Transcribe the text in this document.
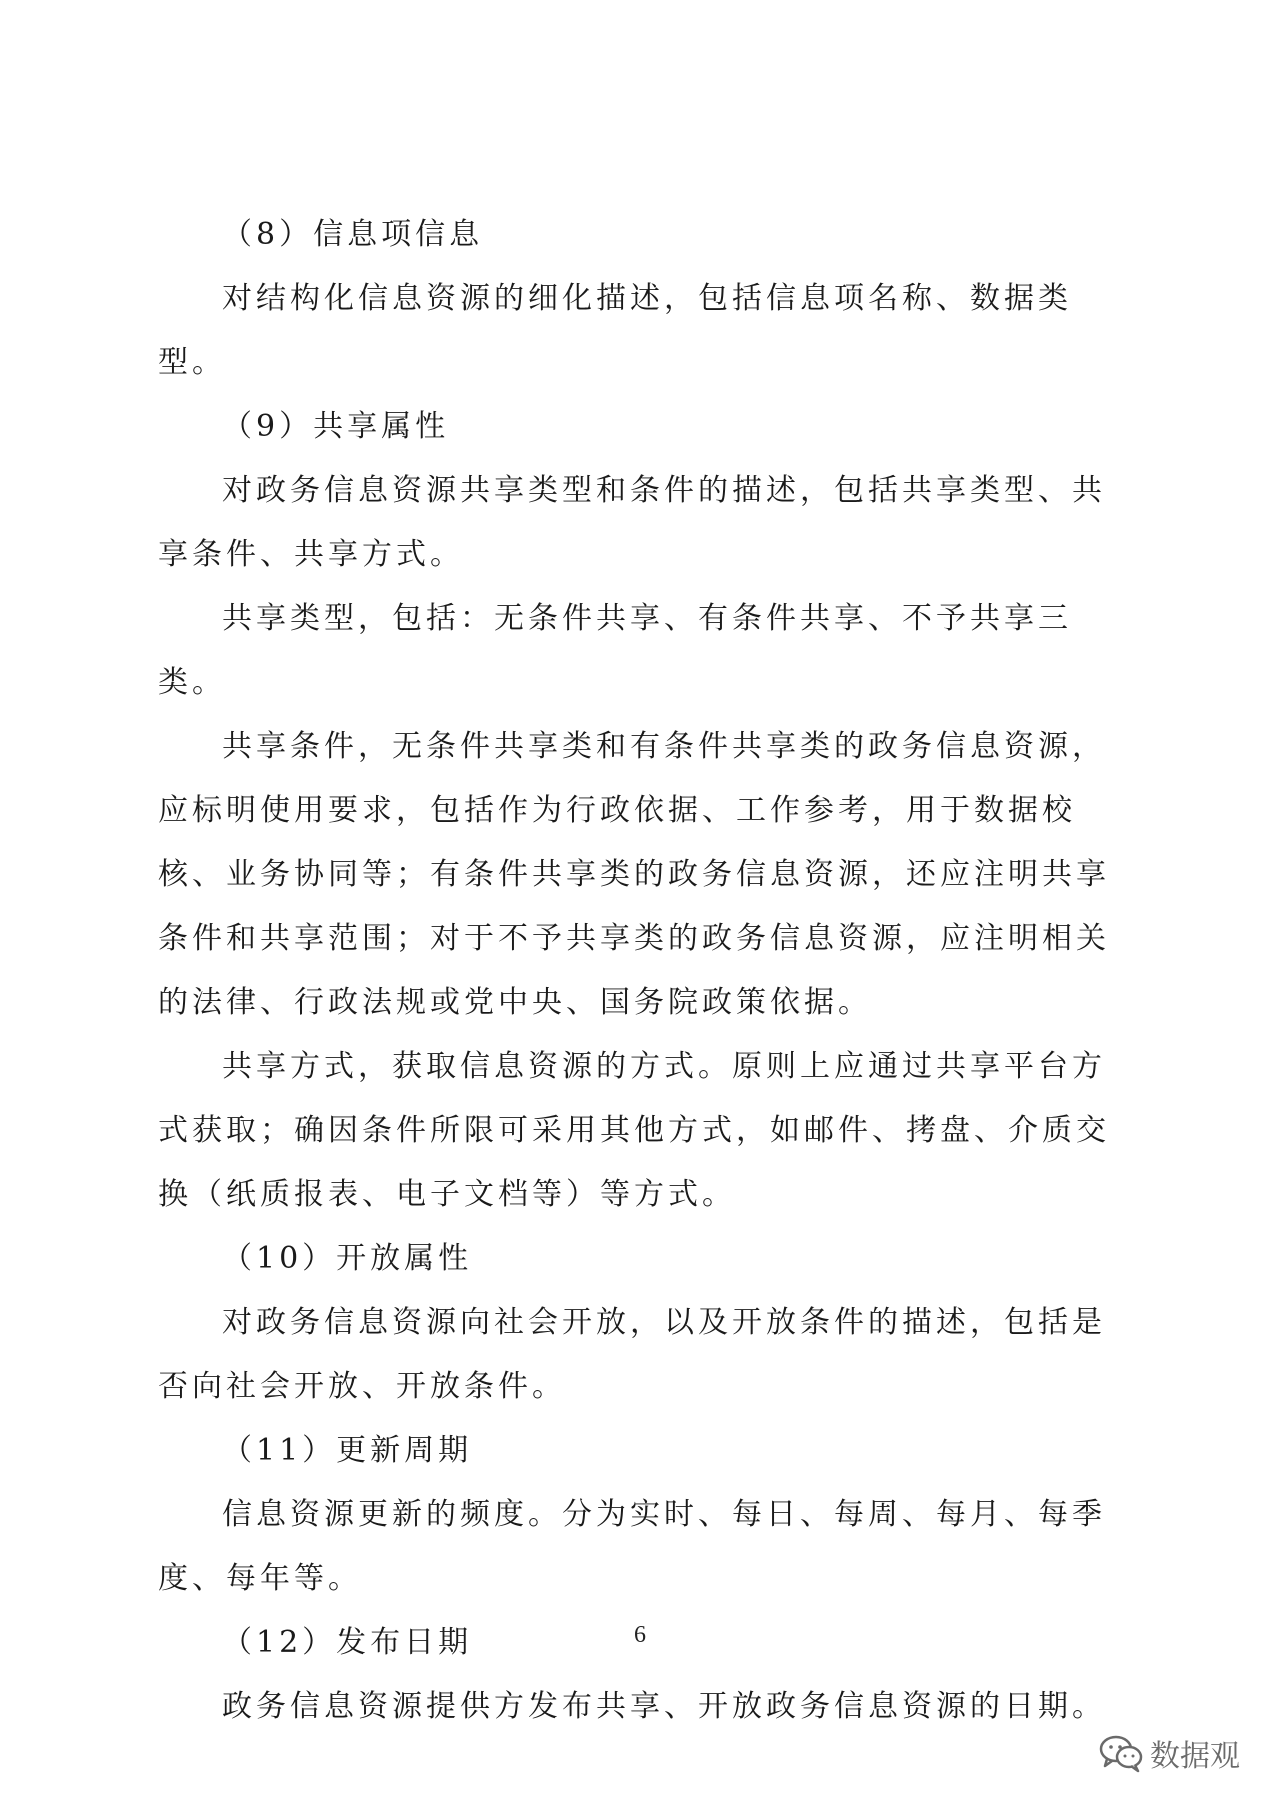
（8）信息项信息

对结构化信息资源的细化描述，包括信息项名称、数据类型。

（9）共享属性

对政务信息资源共享类型和条件的描述，包括共享类型、共享条件、共享方式。

共享类型，包括：无条件共享、有条件共享、不予共享三类。

共享条件，无条件共享类和有条件共享类的政务信息资源，应标明使用要求，包括作为行政依据、工作参考，用于数据校核、业务协同等；有条件共享类的政务信息资源，还应注明共享条件和共享范围；对于不予共享类的政务信息资源，应注明相关的法律、行政法规或党中央、国务院政策依据。

共享方式，获取信息资源的方式。原则上应通过共享平台方式获取；确因条件所限可采用其他方式，如邮件、拷盘、介质交换（纸质报表、电子文档等）等方式。

（10）开放属性

对政务信息资源向社会开放，以及开放条件的描述，包括是否向社会开放、开放条件。

（11）更新周期

信息资源更新的频度。分为实时、每日、每周、每月、每季度、每年等。

（12）发布日期

政务信息资源提供方发布共享、开放政务信息资源的日期。

6
数据观
